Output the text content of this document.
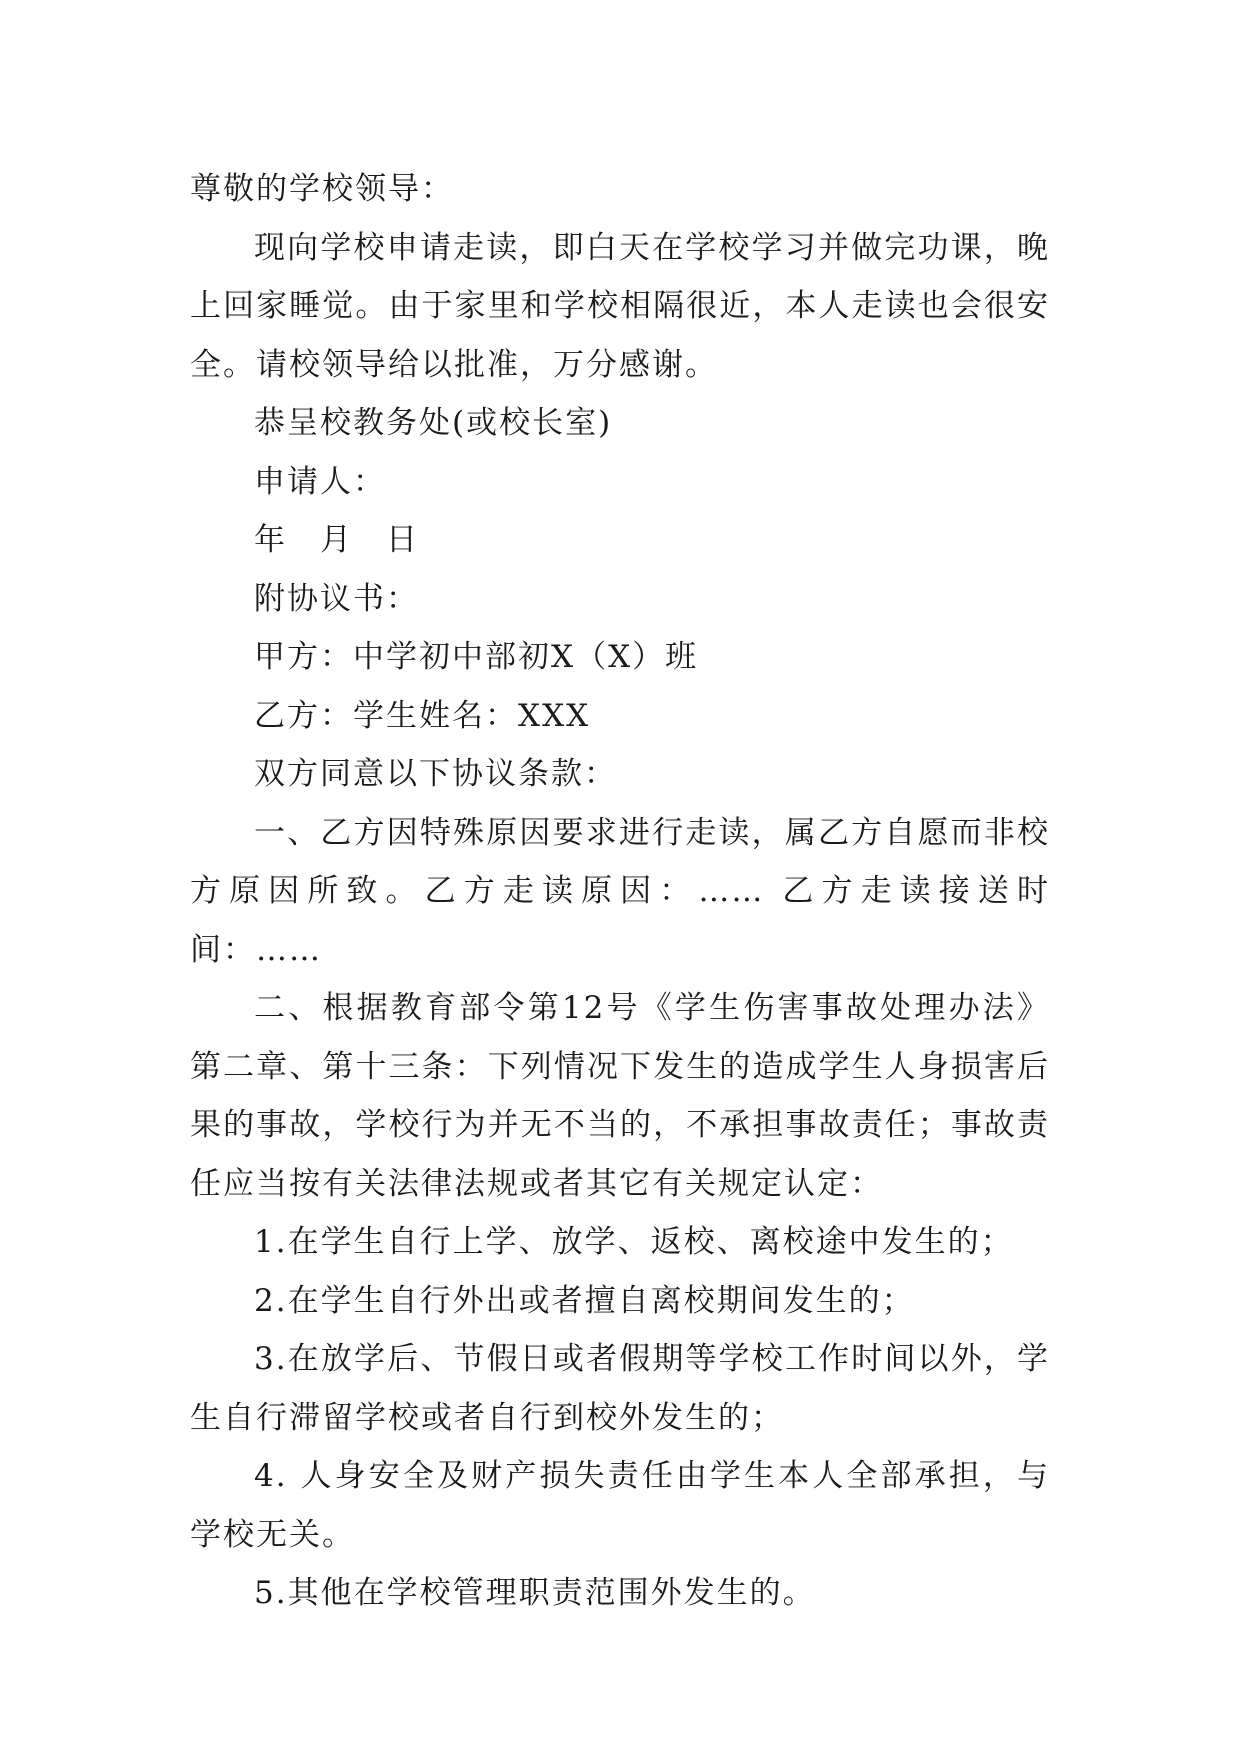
尊敬的学校领导：

现向学校申请走读，即白天在学校学习并做完功课，晚上回家睡觉。由于家里和学校相隔很近，本人走读也会很安全。请校领导给以批准，万分感谢。

恭呈校教务处(或校长室)

申请人：

年　月　日

附协议书：

甲方：中学初中部初X（X）班

乙方：学生姓名：XXX

双方同意以下协议条款：

一、乙方因特殊原因要求进行走读，属乙方自愿而非校方原因所致。乙方走读原因：…… 乙方走读接送时间：……

二、根据教育部令第12号《学生伤害事故处理办法》第二章、第十三条：下列情况下发生的造成学生人身损害后果的事故，学校行为并无不当的，不承担事故责任；事故责任应当按有关法律法规或者其它有关规定认定：

1.在学生自行上学、放学、返校、离校途中发生的；

2.在学生自行外出或者擅自离校期间发生的；

3.在放学后、节假日或者假期等学校工作时间以外，学生自行滞留学校或者自行到校外发生的；

4. 人身安全及财产损失责任由学生本人全部承担，与学校无关。

5.其他在学校管理职责范围外发生的。
